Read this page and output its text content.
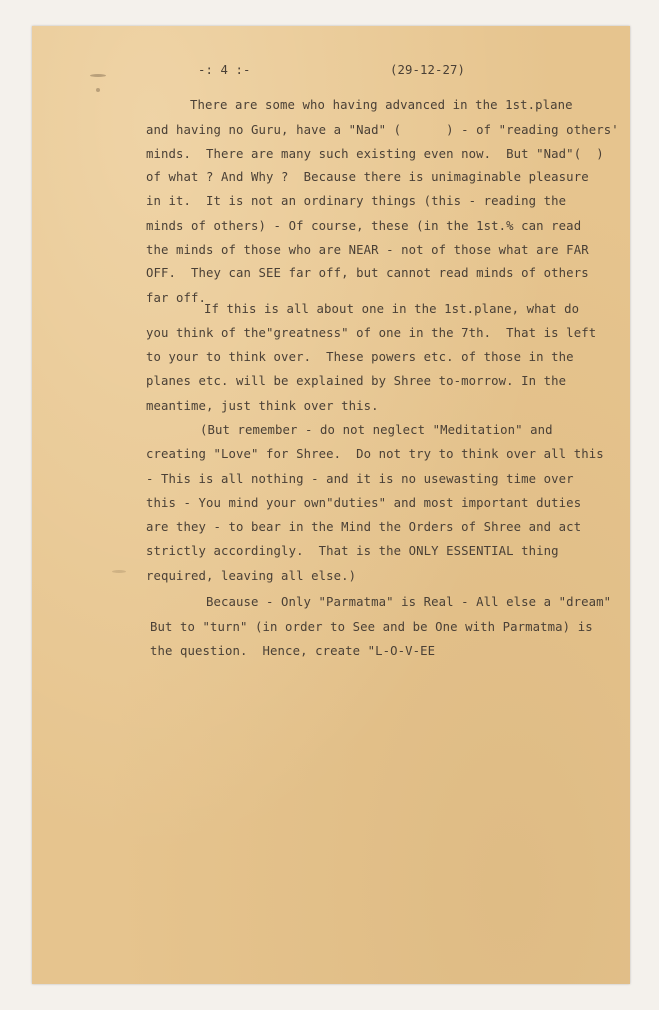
-: 4 :-	(29-12-27)
There are some who having advanced in the 1st.plane
and having no Guru, have a "Nad" (      ) - of "reading others'
minds.  There are many such existing even now.  But "Nad"(  )
of what ? And Why ?  Because there is unimaginable pleasure
in it.  It is not an ordinary things (this - reading the
minds of others) - Of course, these (in the 1st.% can read
the minds of those who are NEAR - not of those what are FAR
OFF.  They can SEE far off, but cannot read minds of others
far off.
If this is all about one in the 1st.plane, what do
you think of the"greatness" of one in the 7th.  That is left
to your to think over.  These powers etc. of those in the
planes etc. will be explained by Shree to-morrow. In the
meantime, just think over this.
(But remember - do not neglect "Meditation" and
creating "Love" for Shree.  Do not try to think over all this
- This is all nothing - and it is no usewasting time over
this - You mind your own"duties" and most important duties
are they - to bear in the Mind the Orders of Shree and act
strictly accordingly.  That is the ONLY ESSENTIAL thing
required, leaving all else.)
Because - Only "Parmatma" is Real - All else a "dream"
But to "turn" (in order to See and be One with Parmatma) is
the question.  Hence, create "L-O-V-EE
